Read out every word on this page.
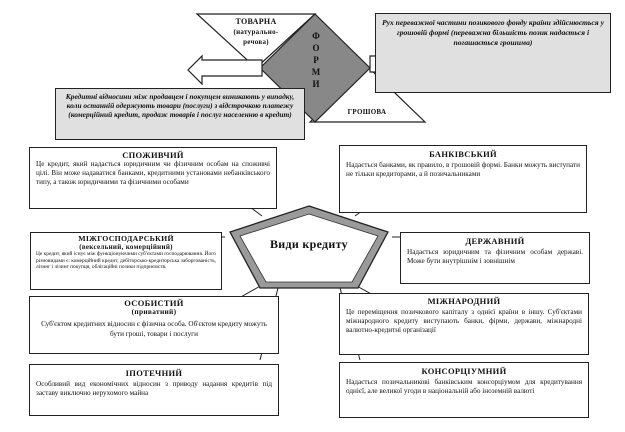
Ф О Р М И
ТОВАРНА
(натурально-речова)
ГРОШОВА
Рух переважної частини позикового фонду країни здійснюється у грошовій формі (переважна більшість позик надається і погашається грошима)
Кредитні відносини між продавцем і покупцем виникають у випадку, коли останній одержують товари (послуги) з відстрочкою платежу (комерційний кредит, продаж товарів і послуг населенню в кредит)
Види кредиту
СПОЖИВЧИЙ
Це кредит, який надається юридичним чи фізичним особам на споживчі цілі. Він може надаватися банками, кредитними установами небанківського типу, а також юридичними та фізичними особами
БАНКІВСЬКИЙ
Надається банками, як правило, в грошовій формі. Банки можуть виступати не тільки кредиторами, а й позичальниками
МІЖГОСПОДАРСЬКИЙ
(вексельний, комерційний)
Це кредит, який існує між функціонуючими суб'єктами господарювання. Його різновидами є: комерційний кредит, дебіторсько-кредиторська заборгованість, лізинг і лізинг покупця, облігаційні позики підприємств.
ДЕРЖАВНИЙ
Надається юридичним та фізичним особам державі. Може бути внутрішнім і зовнішнім
ОСОБИСТИЙ
(приватний)
Суб'єктом кредитних відносин є фізична особа. Об'єктом кредиту можуть бути гроші, товари і послуги
МІЖНАРОДНИЙ
Це переміщення позичкового капіталу з однієї країни в іншу. Суб'єктами міжнародного кредиту виступають банки, фірми, держави, міжнародні валютно-кредитні організації
ІПОТЕЧНИЙ
Особливий вид економічних відносин з приводу надання кредитів під заставу виключно нерухомого майна
КОНСОРЦІУМНИЙ
Надається позичальникові банківським консорціумом для кредитування однієї, але великої угоди в національній або іноземній валюті
